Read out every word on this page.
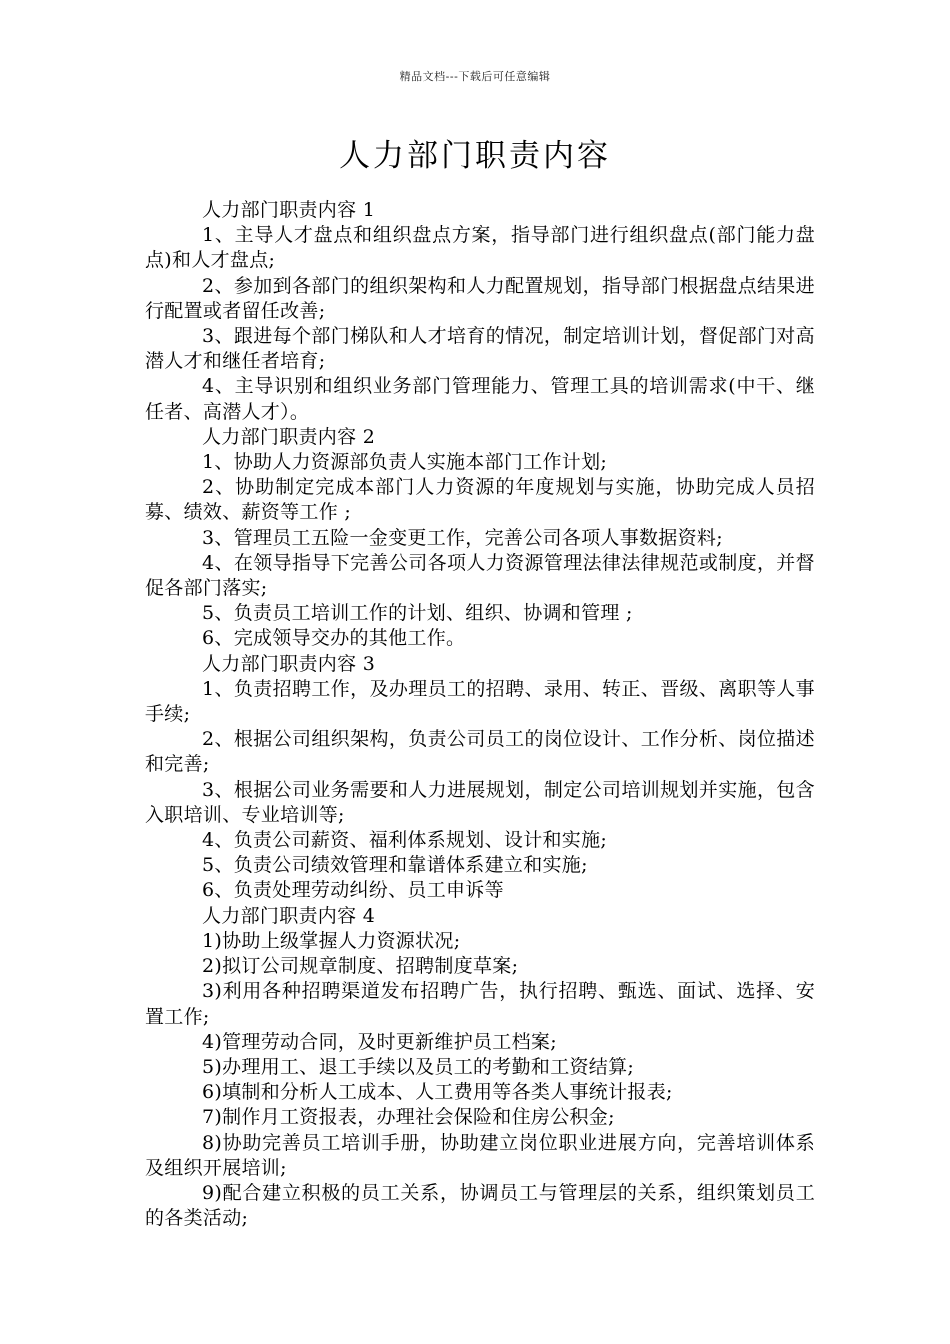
精品文档---下载后可任意编辑
人力部门职责内容

人力部门职责内容 1

1、主导人才盘点和组织盘点方案，指导部门进行组织盘点(部门能力盘点)和人才盘点;

2、参加到各部门的组织架构和人力配置规划，指导部门根据盘点结果进行配置或者留任改善;

3、跟进每个部门梯队和人才培育的情况，制定培训计划，督促部门对高潜人才和继任者培育;

4、主导识别和组织业务部门管理能力、管理工具的培训需求(中干、继任者、高潜人才）。

人力部门职责内容 2

1、协助人力资源部负责人实施本部门工作计划;

2、协助制定完成本部门人力资源的年度规划与实施，协助完成人员招募、绩效、薪资等工作 ;

3、管理员工五险一金变更工作，完善公司各项人事数据资料;

4、在领导指导下完善公司各项人力资源管理法律法律规范或制度，并督促各部门落实;

5、负责员工培训工作的计划、组织、协调和管理 ;

6、完成领导交办的其他工作。

人力部门职责内容 3

1、负责招聘工作，及办理员工的招聘、录用、转正、晋级、离职等人事手续;

2、根据公司组织架构，负责公司员工的岗位设计、工作分析、岗位描述和完善;

3、根据公司业务需要和人力进展规划，制定公司培训规划并实施，包含入职培训、专业培训等;

4、负责公司薪资、福利体系规划、设计和实施;

5、负责公司绩效管理和靠谱体系建立和实施;

6、负责处理劳动纠纷、员工申诉等

人力部门职责内容 4

1)协助上级掌握人力资源状况;

2)拟订公司规章制度、招聘制度草案;

3)利用各种招聘渠道发布招聘广告，执行招聘、甄选、面试、选择、安置工作;

4)管理劳动合同，及时更新维护员工档案;

5)办理用工、退工手续以及员工的考勤和工资结算;

6)填制和分析人工成本、人工费用等各类人事统计报表;

7)制作月工资报表，办理社会保险和住房公积金;

8)协助完善员工培训手册，协助建立岗位职业进展方向，完善培训体系及组织开展培训;

9)配合建立积极的员工关系，协调员工与管理层的关系，组织策划员工的各类活动;
